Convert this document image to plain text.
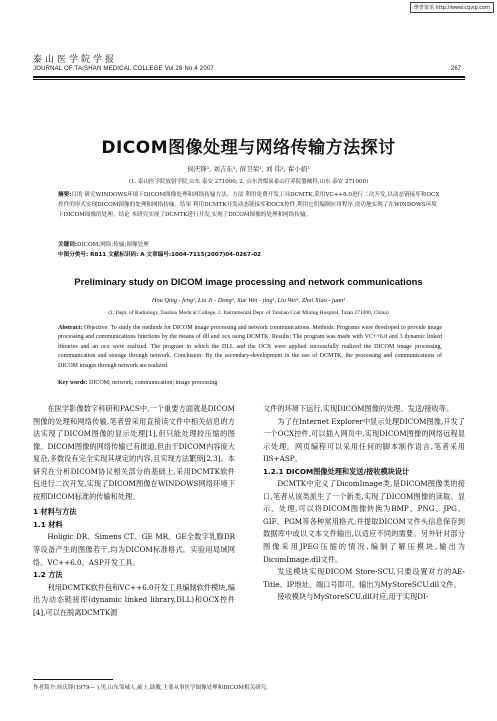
维普资讯 http://www.cqvip.com
泰山医学院学报
JOURNAL OF TAISHAN MEDICAL COLLEGE Vol.28 No.4 2007	267
DICOM图像处理与网络传输方法探讨
侯庆锋¹, 刘吉东¹, 薛卫荣¹, 刘 伟¹, 翟小娟¹
(1. 泰山医学院放射学院,山东 泰安 271000; 2. 山东省煤炭泰山疗养院器械科,山东 泰安 271000)
摘要:目的 研究WINDOWS环境下DICOM图像处理和网络传输方法。方法 利用免费开发工具DCMTK,采用VC++6.0进行二次开发,以动态链接库和OCX控件的形式实现DICOM图像的处理和网络传输。结果 利用DCMTK开发动态链接库和OCX控件,利用它们编制应用程序,成功地实现了在WINDOWS环境下DICOM图像的处理。结论 本研究实现了DCMTK进行开发,实现了DICOM图像的处理和网络传输。
关键词:DICOM;网络;传输;图像处理
中图分类号: R811 文献标识码: A 文章编号:1004-7115(2007)04-0267-02
Preliminary study on DICOM image processing and network communications
Hou Qing - feng¹, Liu Ji - Dong¹, Xue Wei - jing¹, Liu Wei¹, Zhai Xiao - juan¹
(1. Dept. of Radiology, Taishan Medical College, 2. Instrumental Dept. of Taishan Coal Mining Hospital, Taian 271000, China)
Abstract: Objective: To study the methods for DICOM image processing and network communications. Methods: Programs were developed to provide image processing and communications functions by the means of dll and ocx using DCMTK. Results: The program was made with VC++6.0 and 3 dynamic linked libraries and an ocx were realized. The program in which the DLL and the OCX were applied successfully realized the DICOM image processing, communication and storage through network. Conclusion: By the secondary-development in the use of DCMTK, the processing and communications of DICOM images through network are realized.
Key words: DICOM; network; communication; image processing

在医学影像数字科研和PACS中,一个重要方面就是DICOM图像的处理和网络传输,笔者曾采用直接读文件中相关信息的方法实现了DICOM图像的显示处理[1],但只能处理较压缩的图像。DICOM图像的网络传输已有报道,但由于DICOM内容庞大复杂,多数没有完全实现其规定的内容,且实现方法繁琐[2,3]。本研究在分析DICOM协议相关部分的基础上,采用DCMTK软件包进行二次开发,实现了DICOM图像在WINDOWS网络环境下按照DICOM标准的传输和处理。

1 材料与方法

1.1 材料

Holigic DR、Simens CT、GE MR、GE全数字乳腺DR等设备产生的图像若干,均为DICOM标准格式。实验用局域网络。VC++6.0、ASP开发工具。

1.2 方法

利用DCMTK软件包和VC++6.0开发工具编制软件模块,编出为动态链接库(dynamic linked library,DLL)和OCX控件[4],可以在脱离DCMTK源

文件的环境下运行,实现DICOM图像的处理、发送/接收等。

为了在Internet Explorer中显示处理DICOM图像,开发了一个OCX控件,可以插入网页中,实现DICOM图像的网络远程显示处理。网页编程可以采用任何的脚本制作语言,笔者采用IIS+ASP。

1.2.1 DICOM图像处理和发送/接收模块设计

DCMTK中定义了DicomImage类,是DICOM图像类的接口,笔者从该类派生了一个新类,实现了DICOM图像的读取、显示、处理,可以将DICOM图像转换为BMP、PNG、JPG、GIF、PGM等各种常用格式,并提取DICOM文件头信息保存到数据库中或以文本文件输出,以适应不同的需要。另外针对部分图像采用JPEG压缩的情况,编制了解压模块,输出为DicomImage.dll文件。

发送模块实现DICOM Store-SCU,只要设置对方的AE-Title、IP地址、端口号即可。输出为MyStoreSCU.dll文件。

接收模块与MyStoreSCU.dll对应,用于实现DI-

作者简介:侯庆锋(1979— ),男,山东邹城人,硕士,助教,主要从事医学图像处理和DICOM相关研究。
